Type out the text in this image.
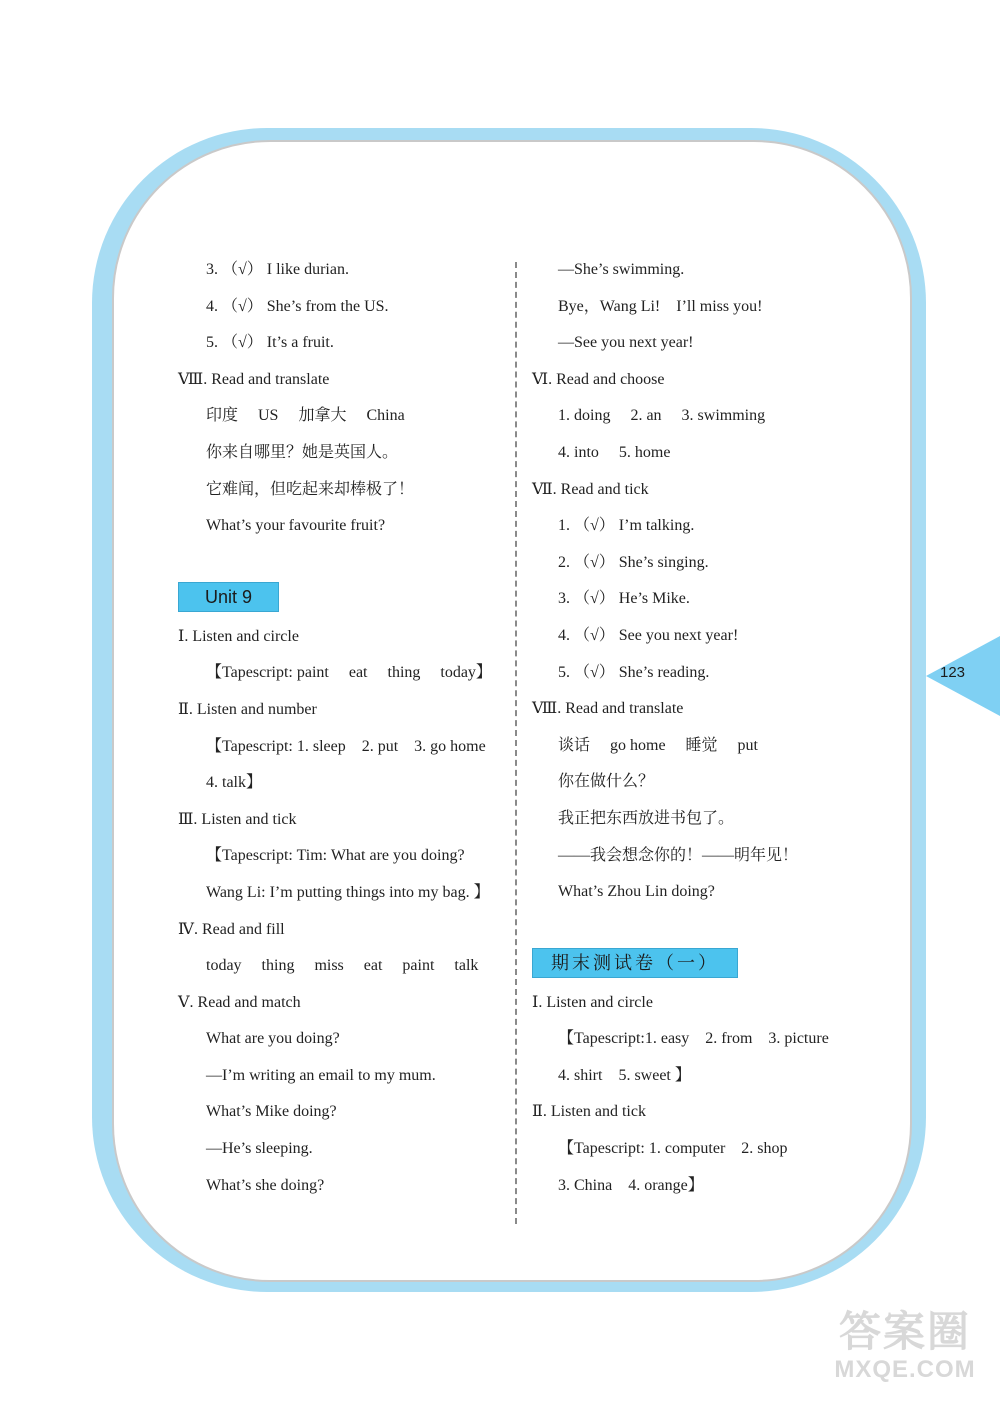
3. （√） I like durian.
4. （√） She’s from the US.
5. （√） It’s a fruit.
Ⅷ. Read and translate
印度　 US　 加拿大　 China
你来自哪里？她是英国人。
它难闻，但吃起来却棒极了！
What’s your favourite fruit?
Unit 9
Ⅰ. Listen and circle
【Tapescript: paint　 eat　 thing　 today】
Ⅱ. Listen and number
【Tapescript: 1. sleep　2. put　3. go home
4. talk】
Ⅲ. Listen and tick
【Tapescript: Tim: What are you doing?
Wang Li: I’m putting things into my bag. 】
Ⅳ. Read and fill
today　 thing　 miss　 eat　 paint　 talk
Ⅴ. Read and match
What are you doing?
—I’m writing an email to my mum.
What’s Mike doing?
—He’s sleeping.
What’s she doing?
—She’s swimming.
Bye，Wang Li!　I’ll miss you!
—See you next year!
Ⅵ. Read and choose
1. doing　 2. an　 3. swimming
4. into　 5. home
Ⅶ. Read and tick
1. （√） I’m talking.
2. （√） She’s singing.
3. （√） He’s Mike.
4. （√） See you next year!
5. （√） She’s reading.
Ⅷ. Read and translate
谈话　 go home　 睡觉　 put
你在做什么？
我正把东西放进书包了。
——我会想念你的！——明年见！
What’s Zhou Lin doing?
期末测试卷（一）
Ⅰ. Listen and circle
【Tapescript:1. easy　2. from　3. picture
4. shirt　5. sweet 】
Ⅱ. Listen and tick
【Tapescript: 1. computer　2. shop
3. China　4. orange】
123
答案圈
MXQE.COM
